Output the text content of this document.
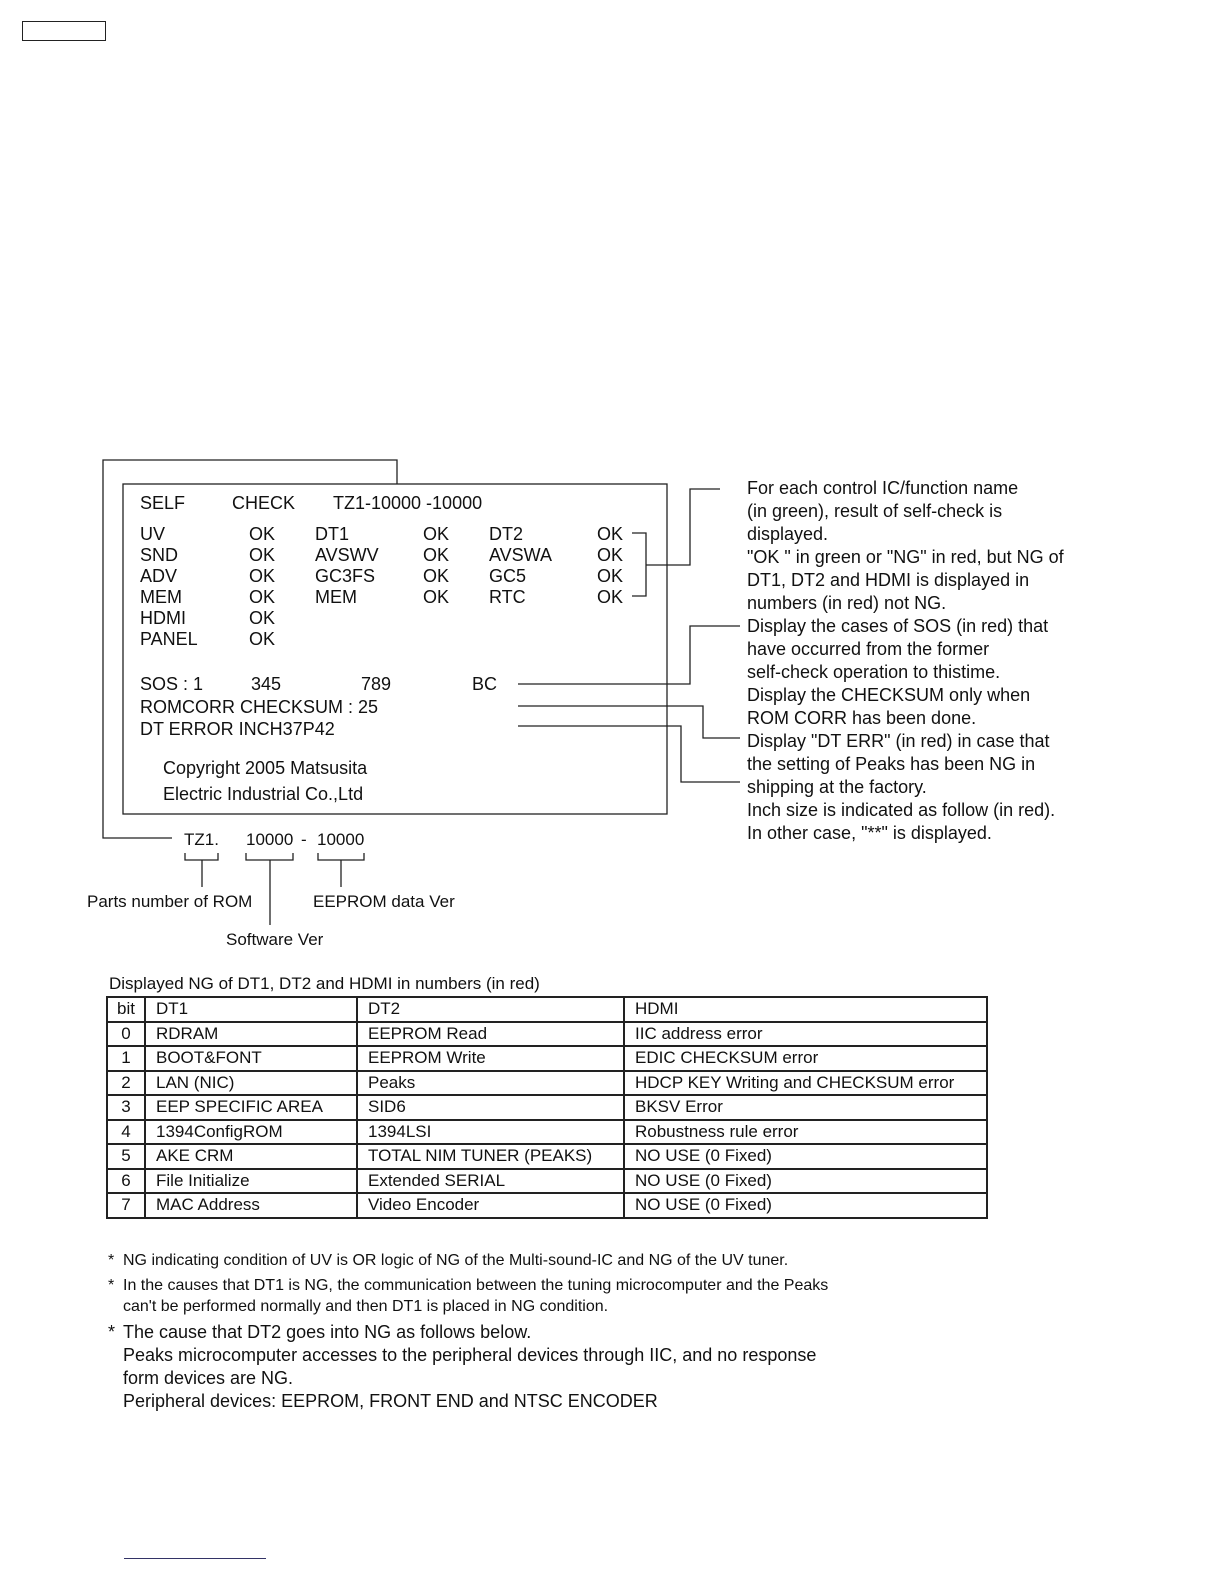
SELF	CHECK TZ1-10000 -10000
UV	OK DT1	OK DT2	OK
SND	OK AVSWV OK AVSWA OK
ADV	OK GC3FS	OK GC5	OK
MEM	OK MEM	OK RTC	OK
HDMI	OK
PANEL	OK
SOS : 1	345	789	BC
ROMCORR CHECKSUM : 25
DT ERROR INCH37P42
Copyright 2005 Matsusita
Electric Industrial Co.,Ltd
TZ1. 10000 - 10000
Parts number of ROM	EEPROM data Ver
Software Ver
For each control IC/function name
(in green), result of self-check is
displayed.
"OK " in green or "NG" in red, but NG of
DT1, DT2 and HDMI is displayed in
numbers (in red) not NG.
Display the cases of SOS (in red) that
have occurred from the former
self-check operation to thistime.
Display the CHECKSUM only when
ROM CORR has been done.
Display "DT ERR" (in red) in case that
the setting of Peaks has been NG in
shipping at the factory.
Inch size is indicated as follow (in red).
In other case, "**" is displayed.
Displayed NG of DT1, DT2 and HDMI in numbers (in red)
bit	DT1	DT2	HDMI
0	RDRAM	EEPROM Read	IIC address error
1	BOOT&FONT	EEPROM Write	EDIC CHECKSUM error
2	LAN (NIC)	Peaks	HDCP KEY Writing and CHECKSUM error
3	EEP SPECIFIC AREA	SID6	BKSV Error
4	1394ConfigROM	1394LSI	Robustness rule error
5	AKE CRM	TOTAL NIM TUNER (PEAKS)	NO USE (0 Fixed)
6	File Initialize	Extended SERIAL	NO USE (0 Fixed)
7	MAC Address	Video Encoder	NO USE (0 Fixed)
* NG indicating condition of UV is OR logic of NG of the Multi-sound-IC and NG of the UV tuner.
* In the causes that DT1 is NG, the communication between the tuning microcomputer and the Peaks
can't be performed normally and then DT1 is placed in NG condition.
* The cause that DT2 goes into NG as follows below.
Peaks microcomputer accesses to the peripheral devices through IIC, and no response
form devices are NG.
Peripheral devices: EEPROM, FRONT END and NTSC ENCODER
